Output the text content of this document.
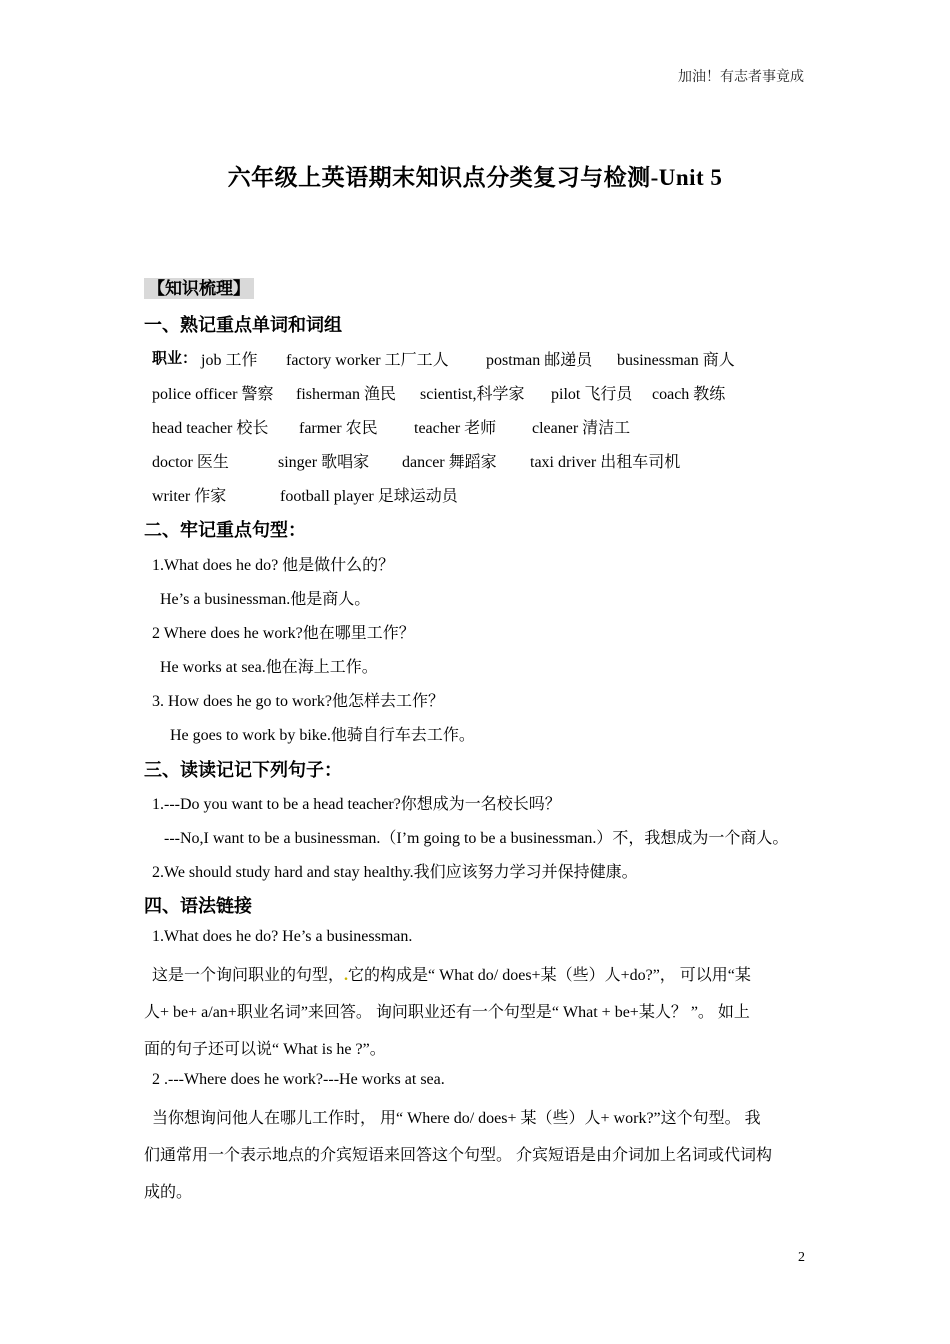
加油！有志者事竟成
六年级上英语期末知识点分类复习与检测-Unit 5
【知识梳理】
一、熟记重点单词和词组
职业： job 工作 factory worker 工厂工人 postman 邮递员 businessman 商人
police officer 警察 fisherman 渔民 scientist,科学家 pilot 飞行员 coach 教练
head teacher 校长 farmer 农民 teacher 老师 cleaner 清洁工
doctor 医生	singer 歌唱家 dancer 舞蹈家 taxi driver 出租车司机
writer 作家	football player 足球运动员
二、牢记重点句型：
1.What does he do? 他是做什么的？
He’s a businessman.他是商人。
2 Where does he work?他在哪里工作？
He works at sea.他在海上工作。
3. How does he go to work?他怎样去工作？
He goes to work by bike.他骑自行车去工作。
三、读读记记下列句子：
1.---Do you want to be a head teacher?你想成为一名校长吗？
---No,I want to be a businessman.（I’m going to be a businessman.）不，我想成为一个商人。
2.We should study hard and stay healthy.我们应该努力学习并保持健康。
四、语法链接
1.What does he do? He’s a businessman.
这是一个询问职业的句型，.它的构成是“ What do/ does+某（些）人+do?”， 可以用“某
人+ be+ a/an+职业名词”来回答。 询问职业还有一个句型是“ What + be+某人？ ”。 如上
面的句子还可以说“ What is he ?”。
2 .---Where does he work?---He works at sea.
当你想询问他人在哪儿工作时， 用“ Where do/ does+ 某（些）人+ work?”这个句型。 我
们通常用一个表示地点的介宾短语来回答这个句型。 介宾短语是由介词加上名词或代词构
成的。
2
